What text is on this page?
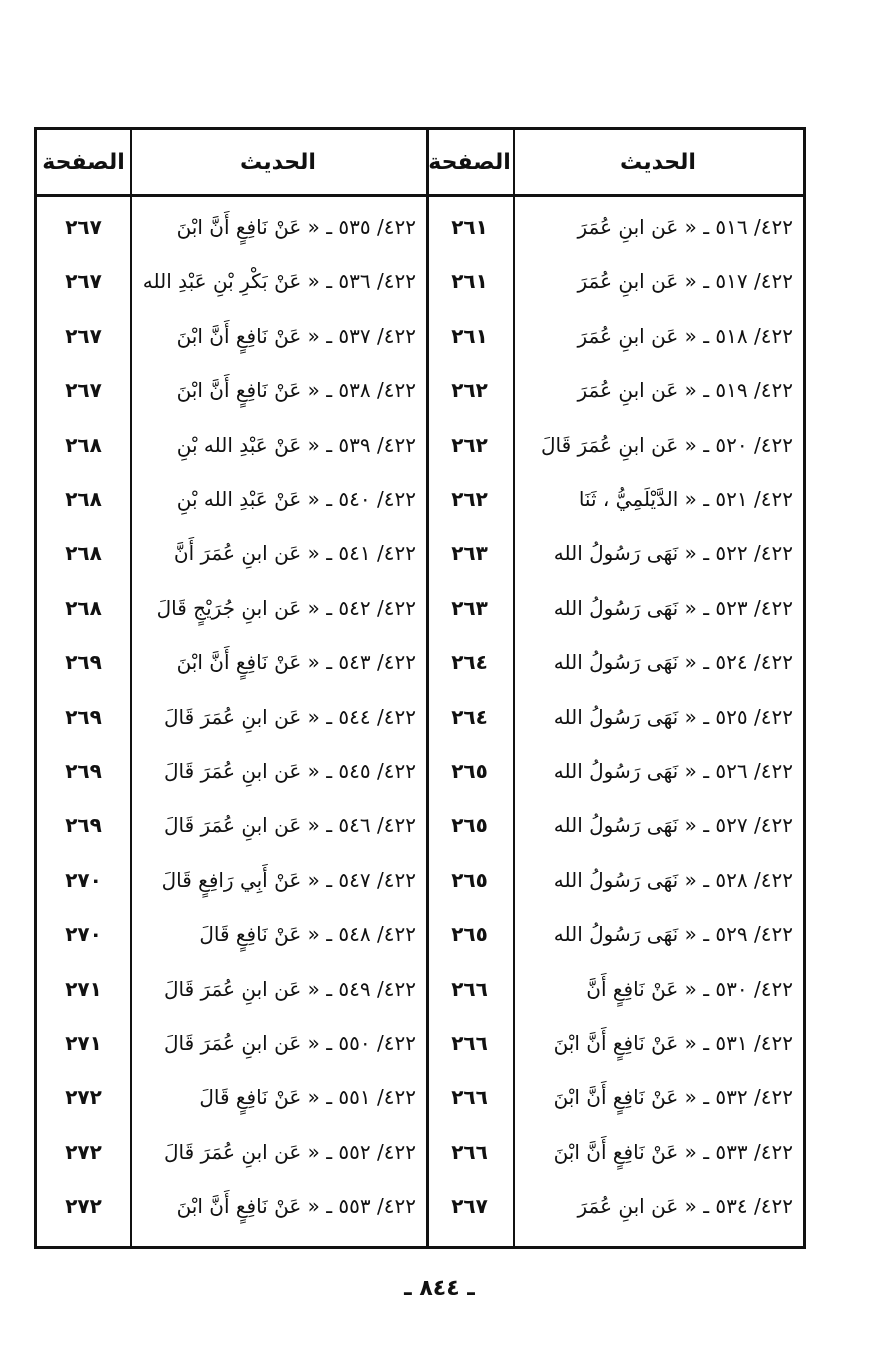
الحديث
الصفحة
الحديث
الصفحة
٤٢٢/ ٥١٦ ـ « عَن ابنِ عُمَرَ
٢٦١
٤٢٢/ ٥٣٥ ـ « عَنْ نَافِعٍ أَنَّ ابْنَ
٢٦٧
٤٢٢/ ٥١٧ ـ « عَن ابنِ عُمَرَ
٢٦١
٤٢٢/ ٥٣٦ ـ « عَنْ بَكْرِ بْنِ عَبْدِ الله
٢٦٧
٤٢٢/ ٥١٨ ـ « عَن ابنِ عُمَرَ
٢٦١
٤٢٢/ ٥٣٧ ـ « عَنْ نَافِعٍ أَنَّ ابْنَ
٢٦٧
٤٢٢/ ٥١٩ ـ « عَن ابنِ عُمَرَ
٢٦٢
٤٢٢/ ٥٣٨ ـ « عَنْ نَافِعٍ أَنَّ ابْنَ
٢٦٧
٤٢٢/ ٥٢٠ ـ « عَن ابنِ عُمَرَ قَالَ
٢٦٢
٤٢٢/ ٥٣٩ ـ « عَنْ عَبْدِ الله بْنِ
٢٦٨
٤٢٢/ ٥٢١ ـ « الدَّيْلَمِيُّ ، ثَنَا
٢٦٢
٤٢٢/ ٥٤٠ ـ « عَنْ عَبْدِ الله بْنِ
٢٦٨
٤٢٢/ ٥٢٢ ـ « نَهَى رَسُولُ الله
٢٦٣
٤٢٢/ ٥٤١ ـ « عَن ابنِ عُمَرَ أَنَّ
٢٦٨
٤٢٢/ ٥٢٣ ـ « نَهَى رَسُولُ الله
٢٦٣
٤٢٢/ ٥٤٢ ـ « عَن ابنِ جُرَيْجٍ قَالَ
٢٦٨
٤٢٢/ ٥٢٤ ـ « نَهَى رَسُولُ الله
٢٦٤
٤٢٢/ ٥٤٣ ـ « عَنْ نَافِعٍ أَنَّ ابْنَ
٢٦٩
٤٢٢/ ٥٢٥ ـ « نَهَى رَسُولُ الله
٢٦٤
٤٢٢/ ٥٤٤ ـ « عَن ابنِ عُمَرَ قَالَ
٢٦٩
٤٢٢/ ٥٢٦ ـ « نَهَى رَسُولُ الله
٢٦٥
٤٢٢/ ٥٤٥ ـ « عَن ابنِ عُمَرَ قَالَ
٢٦٩
٤٢٢/ ٥٢٧ ـ « نَهَى رَسُولُ الله
٢٦٥
٤٢٢/ ٥٤٦ ـ « عَن ابنِ عُمَرَ قَالَ
٢٦٩
٤٢٢/ ٥٢٨ ـ « نَهَى رَسُولُ الله
٢٦٥
٤٢٢/ ٥٤٧ ـ « عَنْ أَبِي رَافِعٍ قَالَ
٢٧٠
٤٢٢/ ٥٢٩ ـ « نَهَى رَسُولُ الله
٢٦٥
٤٢٢/ ٥٤٨ ـ « عَنْ نَافِعٍ قَالَ
٢٧٠
٤٢٢/ ٥٣٠ ـ « عَنْ نَافِعٍ أَنَّ
٢٦٦
٤٢٢/ ٥٤٩ ـ « عَن ابنِ عُمَرَ قَالَ
٢٧١
٤٢٢/ ٥٣١ ـ « عَنْ نَافِعٍ أَنَّ ابْنَ
٢٦٦
٤٢٢/ ٥٥٠ ـ « عَن ابنِ عُمَرَ قَالَ
٢٧١
٤٢٢/ ٥٣٢ ـ « عَنْ نَافِعٍ أَنَّ ابْنَ
٢٦٦
٤٢٢/ ٥٥١ ـ « عَنْ نَافِعٍ قَالَ
٢٧٢
٤٢٢/ ٥٣٣ ـ « عَنْ نَافِعٍ أَنَّ ابْنَ
٢٦٦
٤٢٢/ ٥٥٢ ـ « عَن ابنِ عُمَرَ قَالَ
٢٧٢
٤٢٢/ ٥٣٤ ـ « عَن ابنِ عُمَرَ
٢٦٧
٤٢٢/ ٥٥٣ ـ « عَنْ نَافِعٍ أَنَّ ابْنَ
٢٧٢
ـ ٨٤٤ ـ
